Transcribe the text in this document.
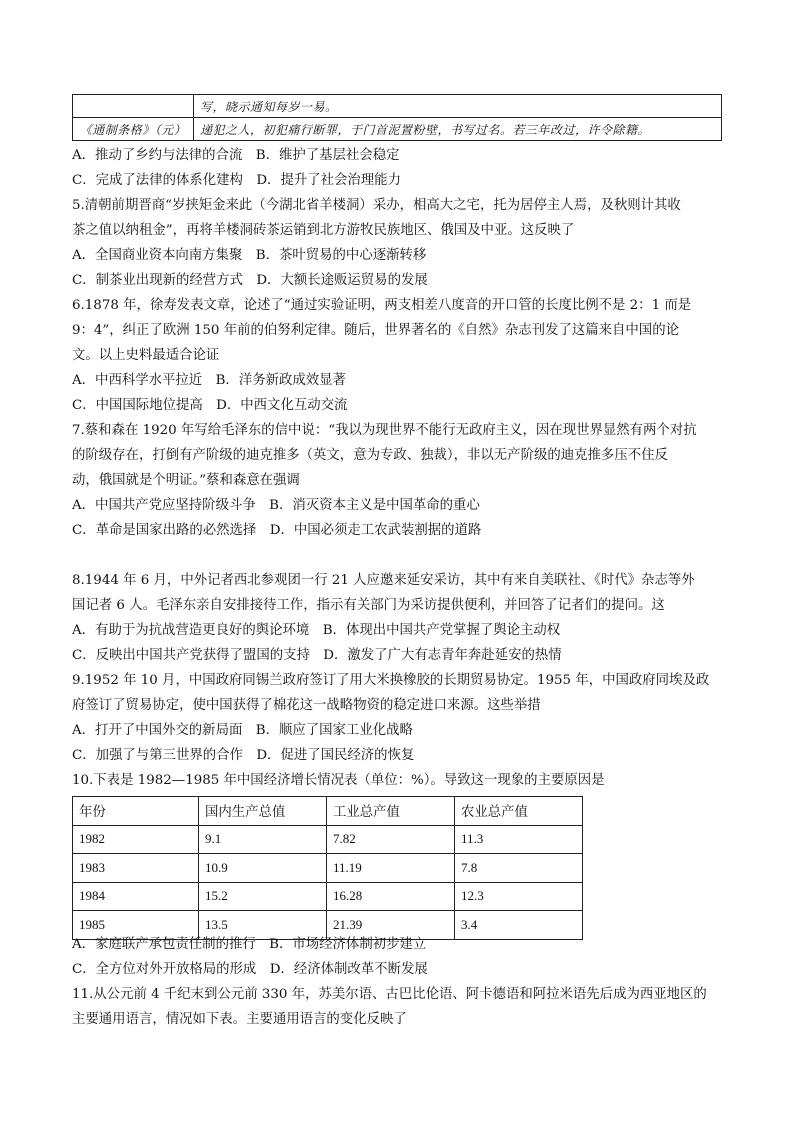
	写，晓示通知每岁一易。
《通制条格》（元）	递犯之人，初犯痛行断罪，于门首泥置粉壁，书写过名。若三年改过，许令除籍。
A．推动了乡约与法律的合流　B．维护了基层社会稳定
C．完成了法律的体系化建构　D．提升了社会治理能力
5.清朝前期晋商“岁挟矩金来此（今湖北省羊楼洞）采办，相高大之宅，托为居停主人焉，及秋则计其收
茶之值以纳租金”，再将羊楼洞砖茶运销到北方游牧民族地区、俄国及中亚。这反映了
A．全国商业资本向南方集聚　B．茶叶贸易的中心逐渐转移
C．制茶业出现新的经营方式　D．大额长途贩运贸易的发展
6.1878 年，徐寿发表文章，论述了“通过实验证明，两支相差八度音的开口管的长度比例不是 2：1 而是
9：4”，纠正了欧洲 150 年前的伯努利定律。随后，世界著名的《自然》杂志刊发了这篇来自中国的论
文。以上史料最适合论证
A．中西科学水平拉近　B．洋务新政成效显著
C．中国国际地位提高　D．中西文化互动交流
7.蔡和森在 1920 年写给毛泽东的信中说：“我以为现世界不能行无政府主义，因在现世界显然有两个对抗
的阶级存在，打倒有产阶级的迪克推多（英文，意为专政、独裁），非以无产阶级的迪克推多压不住反
动，俄国就是个明证。”蔡和森意在强调
A．中国共产党应坚持阶级斗争　B．消灭资本主义是中国革命的重心
C．革命是国家出路的必然选择　D．中国必须走工农武装割据的道路
8.1944 年 6 月，中外记者西北参观团一行 21 人应邀来延安采访，其中有来自美联社、《时代》杂志等外
国记者 6 人。毛泽东亲自安排接待工作，指示有关部门为采访提供便利，并回答了记者们的提问。这
A．有助于为抗战营造更良好的舆论环境　B．体现出中国共产党掌握了舆论主动权
C．反映出中国共产党获得了盟国的支持　D．激发了广大有志青年奔赴延安的热情
9.1952 年 10 月，中国政府同锡兰政府签订了用大米换橡胶的长期贸易协定。1955 年，中国政府同埃及政
府签订了贸易协定，使中国获得了棉花这一战略物资的稳定进口来源。这些举措
A．打开了中国外交的新局面　B．顺应了国家工业化战略
C．加强了与第三世界的合作　D．促进了国民经济的恢复
10.下表是 1982—1985 年中国经济增长情况表（单位：%）。导致这一现象的主要原因是
年份	国内生产总值	工业总产值	农业总产值
1982	9.1	7.82	11.3
1983	10.9	11.19	7.8
1984	15.2	16.28	12.3
1985	13.5	21.39	3.4
A．家庭联产承包责任制的推行　B．市场经济体制初步建立
C．全方位对外开放格局的形成　D．经济体制改革不断发展
11.从公元前 4 千纪末到公元前 330 年，苏美尔语、古巴比伦语、阿卡德语和阿拉米语先后成为西亚地区的
主要通用语言，情况如下表。主要通用语言的变化反映了
